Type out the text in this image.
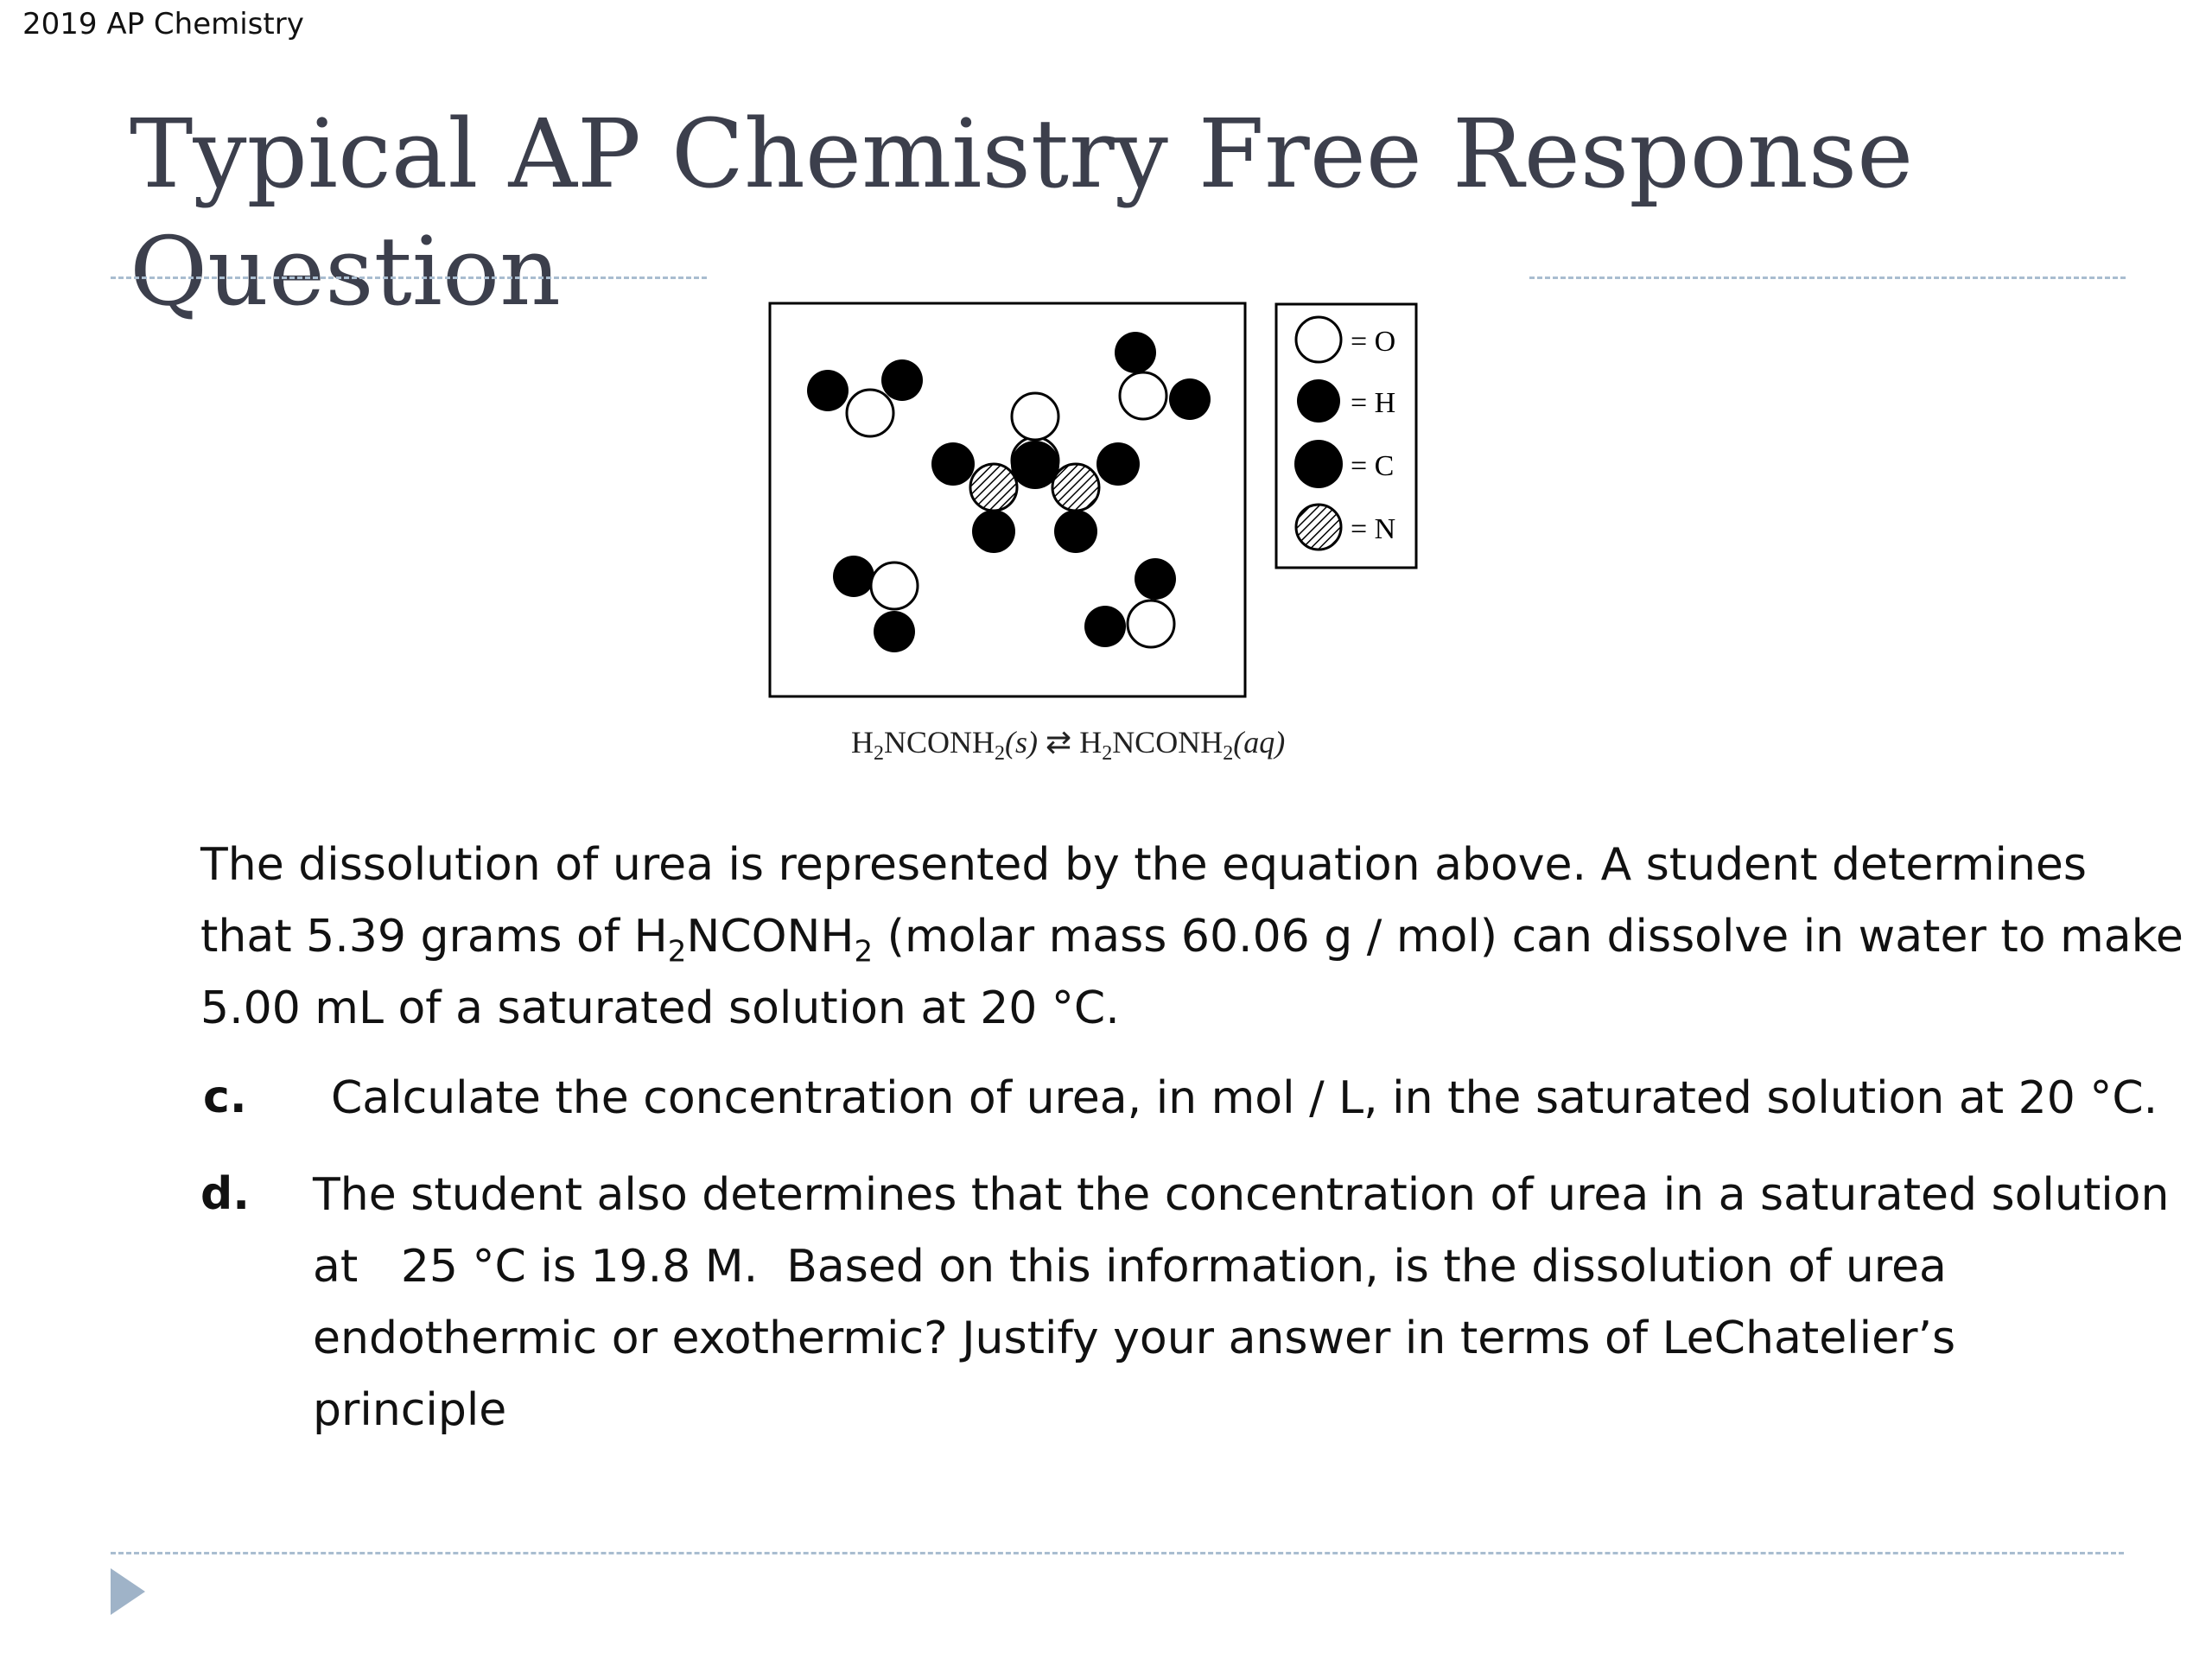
2019 AP Chemistry
Typical AP Chemistry Free Response Question
= O
= H
= C
= N
$H_2NCONH_2(s)$ ⇄ $H_2NCONH_2(aq)$
The dissolution of urea is represented by the equation above. A student determines
that 5.39 grams of $H_2NCONH_2$ (molar mass 60.06 g / mol) can dissolve in water to make
5.00 mL of a saturated solution at 20 °C.
c. Calculate the concentration of urea, in mol / L, in the saturated solution at 20 °C.
d. The student also determines that the concentration of urea in a saturated solution
at   25 °C is 19.8 M.  Based on this information, is the dissolution of urea
endothermic or exothermic? Justify your answer in terms of LeChatelier’s
principle
